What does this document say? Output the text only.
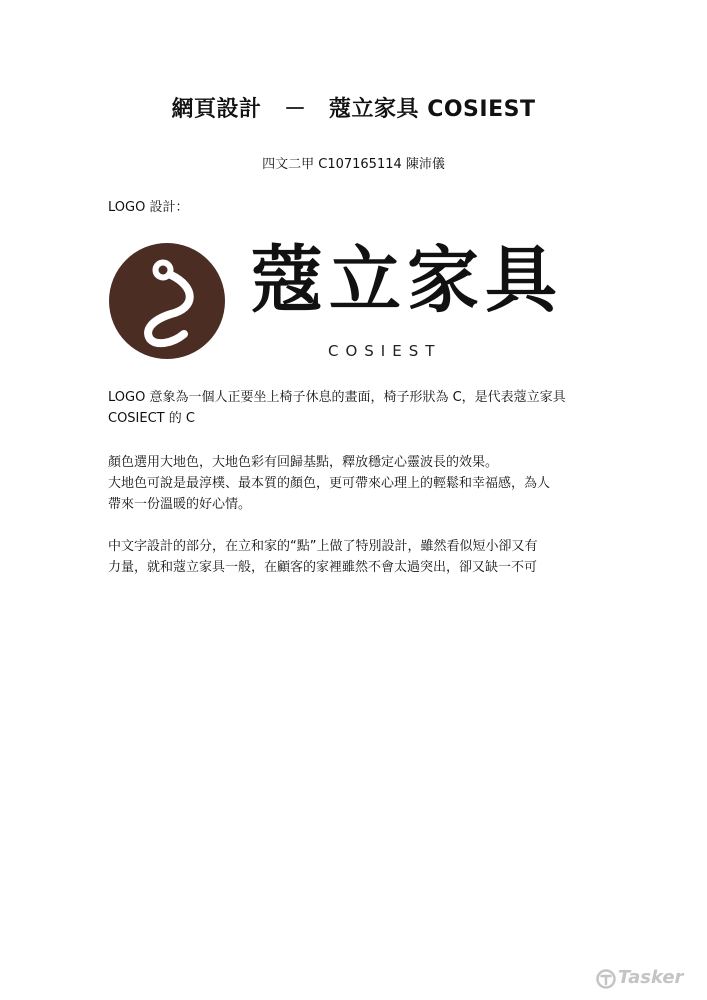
網頁設計　－　蔻立家具 COSIEST
四文二甲 C107165114 陳沛儀
LOGO 設計：
蔻立家具
COSIEST

LOGO 意象為一個人正要坐上椅子休息的畫面，椅子形狀為 C，是代表蔻立家具

COSIECT 的 C

顏色選用大地色，大地色彩有回歸基點，釋放穩定心靈波長的效果。

大地色可說是最淳樸、最本質的顏色，更可帶來心理上的輕鬆和幸福感，為人

帶來一份溫暖的好心情。

中文字設計的部分，在立和家的“點”上做了特別設計，雖然看似短小卻又有

力量，就和蔻立家具一般，在顧客的家裡雖然不會太過突出，卻又缺一不可

Tasker
